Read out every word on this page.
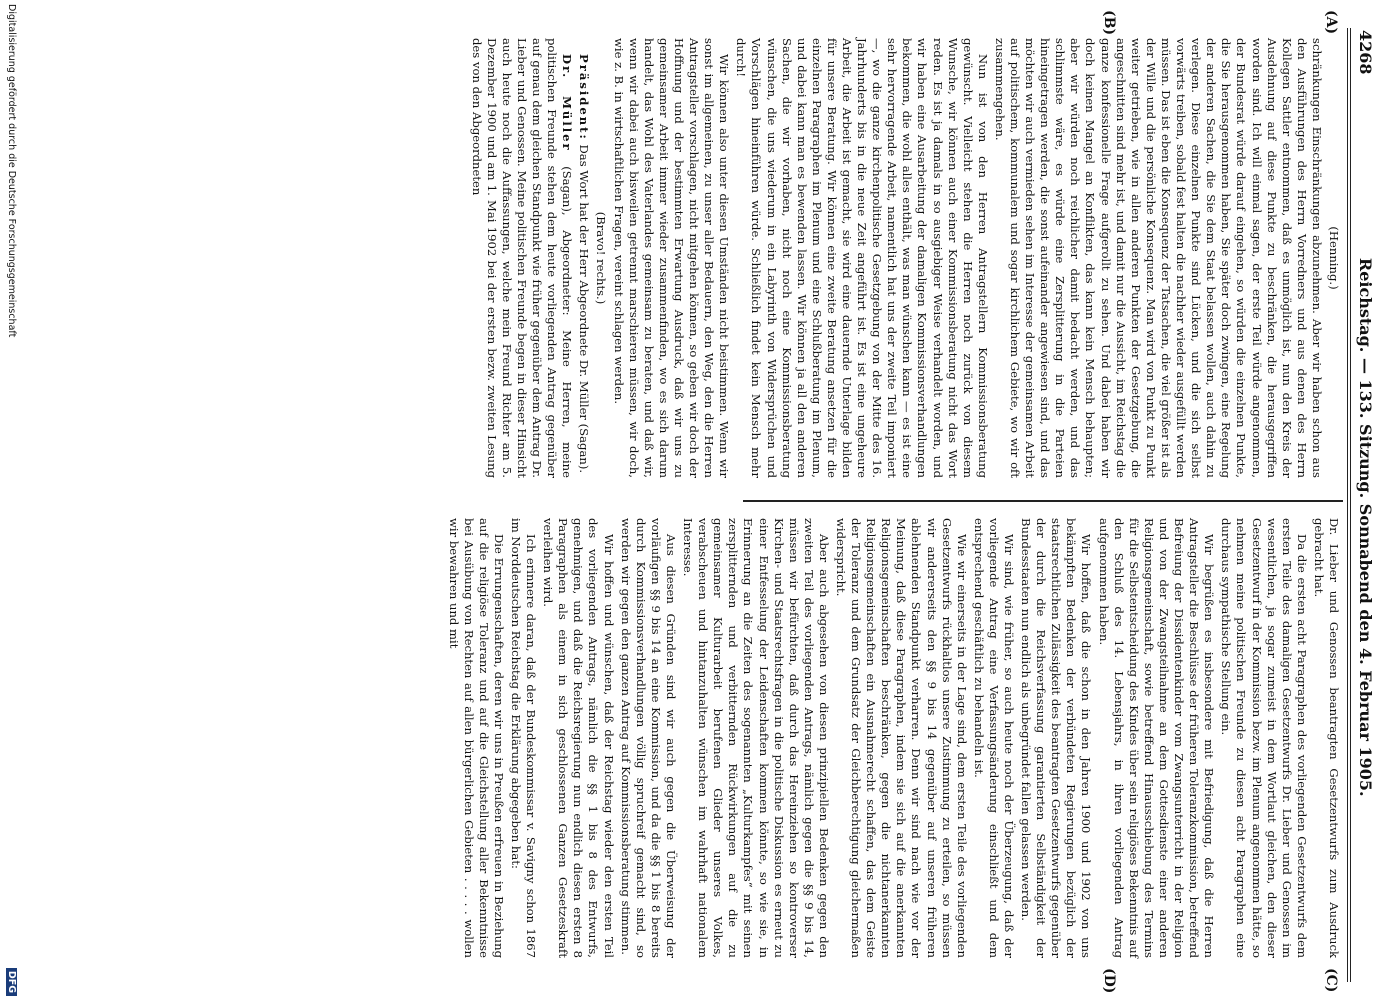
4268
Reichstag. — 133. Sitzung. Sonnabend den 4. Februar 1905.
(A)
(B)
(C)
(D)

(Henning.)

schränkungen Einschränkungen abzunehmen. Aber wir haben schon aus den Ausführungen des Herrn Vorredners und aus denen des Herrn Kollegen Sattler entnommen, daß es unmöglich ist, nun den Kreis der Ausdehnung auf diese Punkte zu beschränken, die herausgegriffen worden sind. Ich will einmal sagen, der erste Teil würde angenommen, der Bundesrat würde darauf eingehen, so würden die einzelnen Punkte, die Sie herausgenommen haben, Sie später doch zwingen, eine Regelung der anderen Sachen, die Sie dem Staat belassen wollen, auch dahin zu verlegen. Diese einzelnen Punkte sind Lücken, und die sich selbst vorwärts treiben, sobald fest halten die nachher wieder ausgefüllt werden müssen. Das ist eben die Konsequenz der Tatsachen, die viel größer ist als der Wille und die persönliche Konsequenz. Man wird von Punkt zu Punkt weiter getrieben, wie in allen anderen Punkten der Gesetzgebung, die angeschnitten sind mehr ist, und damit nur die Aussicht, im Reichstag die ganze konfessionelle Frage aufgerollt zu sehen. Und dabei haben wir doch keinen Mangel an Konflikten, das kann kein Mensch behaupten; aber wir würden noch reichlicher damit bedacht werden, und das schlimmste wäre, es würde eine Zersplitterung in die Parteien hineingetragen werden, die sonst aufeinander angewiesen sind, und das möchten wir auch vermieden sehen im Interesse der gemeinsamen Arbeit auf politischem, kommunalem und sogar kirchlichem Gebiete, wo wir oft zusammengehen.

Nun ist von den Herren Antragstellern Kommissionsberatung gewünscht. Vielleicht stehen die Herren noch zurück von diesem Wunsche, wir können auch einer Kommissionsberatung nicht das Wort reden. Es ist ja damals in so ausgiebiger Weise verhandelt worden, und wir haben eine Ausarbeitung der damaligen Kommissionsverhandlungen bekommen, die wohl alles enthält, was man wünschen kann — es ist eine sehr hervorragende Arbeit, namentlich hat uns der zweite Teil imponiert —, wo die ganze kirchenpolitische Gesetzgebung von der Mitte des 16. Jahrhunderts bis in die neue Zeit angeführt ist. Es ist eine ungeheure Arbeit, die Arbeit ist gemacht, sie wird eine dauernde Unterlage bilden für unsere Beratung. Wir können eine zweite Beratung ansetzen für die einzelnen Paragraphen im Plenum und eine Schlußberatung im Plenum, und dabei kann man es bewenden lassen. Wir können ja all den anderen Sachen, die wir vorhaben, nicht noch eine Kommissionsberatung wünschen, die uns wiederum in ein Labyrinth von Widersprüchen und Vorschlägen hineinführen würde. Schließlich findet kein Mensch mehr durch!

Wir können also unter diesen Umständen nicht beistimmen. Wenn wir sonst im allgemeinen, zu unser aller Bedauern, den Weg, den die Herren Antragsteller vorschlagen, nicht mitgehen können, so geben wir doch der Hoffnung und der bestimmten Erwartung Ausdruck, daß wir uns zu gemeinsamer Arbeit immer wieder zusammenfinden, wo es sich darum handelt, das Wohl des Vaterlandes gemeinsam zu beraten, und daß wir, wenn wir dabei auch bisweilen getrennt marschieren müssen, wir doch, wie z. B. in wirtschaftlichen Fragen, vereint schlagen werden.

(Bravo! rechts.)

Präsident: Das Wort hat der Herr Abgeordnete Dr. Müller (Sagan).

Dr. Müller (Sagan), Abgeordneter: Meine Herren, meine politischen Freunde stehen dem heute vorliegenden Antrag gegenüber auf genau dem gleichen Standpunkt wie früher gegenüber dem Antrag Dr. Lieber und Genossen. Meine politischen Freunde begen in dieser Hinsicht auch heute noch die Auffassungen, welche mein Freund Richter am 5. Dezember 1900 und am 1. Mai 1902 bei der ersten bezw. zweiten Lesung des von den Abgeordneten

Dr. Lieber und Genossen beantragten Gesetzentwurfs zum Ausdruck gebracht hat.

Da die ersten acht Paragraphen des vorliegenden Gesetzentwurfs dem ersten Teile des damaligen Gesetzentwurfs Dr. Lieber und Genossen im wesentlichen, ja sogar zumeist in dem Wortlaut gleichen, den dieser Gesetzentwurf in der Kommission bezw. im Plenum angenommen hätte, so nehmen meine politischen Freunde zu diesen acht Paragraphen eine durchaus sympathische Stellung ein.

Wir begrüßen es insbesondere mit Befriedigung, daß die Herren Antragsteller die Beschlüsse der früheren Toleranzkommission, betreffend Befreiung der Dissidentenkinder vom Zwangsunterricht in der Religion und von der Zwangsteilnahme an dem Gottesdienste einer anderen Religionsgemeinschaft, sowie betreffend Hinausschiebung des Termins für die Selbstentscheidung des Kindes über sein religiöses Bekenntnis auf den Schluß des 14. Lebensjahrs, in ihren vorliegenden Antrag aufgenommen haben.

Wir hoffen, daß die schon in den Jahren 1900 und 1902 von uns bekämpften Bedenken der verbündeten Regierungen bezüglich der staatsrechtlichen Zulässigkeit des beantragten Gesetzentwurfs gegenüber der durch die Reichsverfassung garantierten Selbständigkeit der Bundesstaaten nun endlich als unbegründet fallen gelassen werden.

Wir sind, wie früher, so auch heute noch der Überzeugung, daß der vorliegende Antrag eine Verfassungsänderung einschließt und dem entsprechend geschäftlich zu behandeln ist.

Wie wir einerseits in der Lage sind, dem ersten Teile des vorliegenden Gesetzentwurfs rückhaltlos unsere Zustimmung zu erteilen, so müssen wir andererseits den §§ 9 bis 14 gegenüber auf unseren früheren ablehnenden Standpunkt verharren. Denn wir sind nach wie vor der Meinung, daß diese Paragraphen, indem sie sich auf die anerkannten Religionsgemeinschaften beschränken, gegen die nichtanerkannten Religionsgemeinschaften ein Ausnahmerecht schaffen, das dem Geiste der Toleranz und dem Grundsatz der Gleichberechtigung gleichermaßen widerspricht.

Aber auch abgesehen von diesen prinzipiellen Bedenken gegen den zweiten Teil des vorliegenden Antrags, nämlich gegen die §§ 9 bis 14, müssen wir befürchten, daß durch das Hereinziehen so kontroverser Kirchen- und Staatsrechtsfragen in die politische Diskussion es erneut zu einer Entfesselung der Leidenschaften kommen könnte, so wie sie, in Erinnerung an die Zeiten des sogenannten „Kulturkampfes“ mit seinen zersplitternden und verbitternden Rückwirkungen auf die zu gemeinsamer Kulturarbeit berufenen Glieder unseres Volkes, verabscheuen und hintanzuhalten wünschen im wahrhaft nationalem Interesse.

Aus diesen Gründen sind wir auch gegen die Überweisung der vorläufigen §§ 9 bis 14 an eine Kommission, und da die §§ 1 bis 8 bereits durch Kommissionsverhandlungen völlig spruchreif gemacht sind, so werden wir gegen den ganzen Antrag auf Kommissionsberatung stimmen.

Wir hoffen und wünschen, daß der Reichstag wieder den ersten Teil des vorliegenden Antrags, nämlich die §§ 1 bis 8 des Entwurfs, genehmigen, und daß die Reichsregierung nun endlich diesen ersten 8 Paragraphen als einem in sich geschlossenen Ganzen Gesetzeskraft verleihen wird.

Ich erinnere daran, daß der Bundeskommissar v. Savigny schon 1867 im Norddeutschen Reichstag die Erklärung abgegeben hat:

Die Errungenschaften, deren wir uns in Preußen erfreuen in Beziehung auf die religiöse Toleranz und auf die Gleichstellung aller Bekenntnisse bei Ausübung von Rechten auf allen bürgerlichen Gebieten . . . . . wollen wir bewahren und mit

Digitalisierung gefördert durch die Deutsche Forschungsgemeinschaft
DFG
